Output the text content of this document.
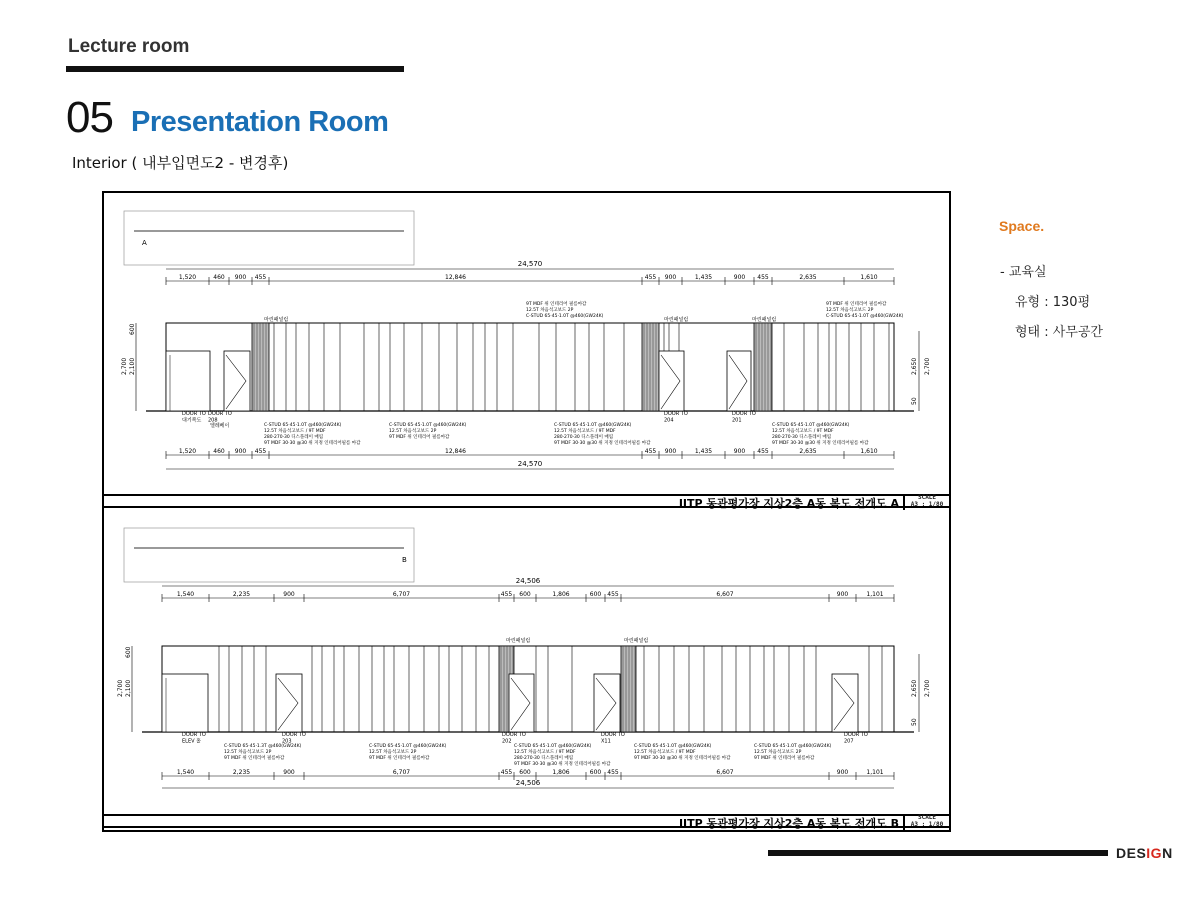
Lecture room
05 Presentation Room
Interior ( 내부입면도2 - 변경후)
A
24,570
24,570
1,520	460 900 455	12,846	455 900	1,435	900 455	2,635	1,610
1,520	460 900 455	12,846	455 900	1,435	900 455	2,635	1,610
600
2,700 2,100	2,650 2,700
50
마린패널럼	마린패널럼	마린패널럼
DOOR TO 대기복도
DOOR TO 208
엘레베이
DOOR TO 204
DOOR TO 201
9T MDF 위 인테리어 필름마감 12.5T 차음석고보드 2P C-STUD 65·45·1.0T @460(GW24K)
9T MDF 위 인테리어 필름마감 12.5T 차음석고보드 2P C-STUD 65·45·1.0T @460(GW24K)
C-STUD 65·45·1.0T @460(GW24K) 12.5T 차음석고보드 / 9T MDF 280·270·30 디스플레이 매립 9T MDF 30·30 @30 위 지정 인테리어필름 마감
C-STUD 65·45·1.0T @460(GW24K) 12.5T 차음석고보드 2P 9T MDF 위 인테리어 필름마감
C-STUD 65·45·1.0T @460(GW24K) 12.5T 차음석고보드 / 9T MDF 280·270·30 디스플레이 매립 9T MDF 30·30 @30 위 지정 인테리어필름 마감
C-STUD 65·45·1.0T @460(GW24K) 12.5T 차음석고보드 / 9T MDF 280·270·30 디스플레이 매립 9T MDF 30·30 @30 위 지정 인테리어필름 마감
IITP 동관평가장 지상2층 A동 복도 전개도 A	SCALE
A3 : 1/80
B
24,506
24,506
1,540	2,235	900	6,707	455 600	1,806	600 455	6,607	900	1,101
1,540	2,235	900	6,707	455 600	1,806	600 455	6,607	900	1,101
600
2,700 2,100	2,650 2,700
50
마린패널럼	마린패널럼
DOOR TO ELEV 홀
DOOR TO 203
DOOR TO 202
DOOR TO X11
DOOR TO 207
C-STUD 65·45·1.3T @460(GW24K) 12.5T 차음석고보드 2P 9T MDF 위 인테리어 필름마감
C-STUD 65·45·1.0T @460(GW24K) 12.5T 차음석고보드 2P 9T MDF 위 인테리어 필름마감
C-STUD 65·45·1.0T @460(GW24K) 12.5T 차음석고보드 / 9T MDF 280·270·30 디스플레이 매립 9T MDF 30·30 @30 위 지정 인테리어필름 마감
C-STUD 65·45·1.0T @460(GW24K) 12.5T 차음석고보드 / 9T MDF 9T MDF 30·30 @30 위 지정 인테리어필름 마감
C-STUD 65·45·1.0T @460(GW24K) 12.5T 차음석고보드 2P 9T MDF 위 인테리어 필름마감
IITP 동관평가장 지상2층 A동 복도 전개도 B	SCALE
A3 : 1/80
Space.
- 교육실
유형 : 130평
형태 : 사무공간
DESIGN
